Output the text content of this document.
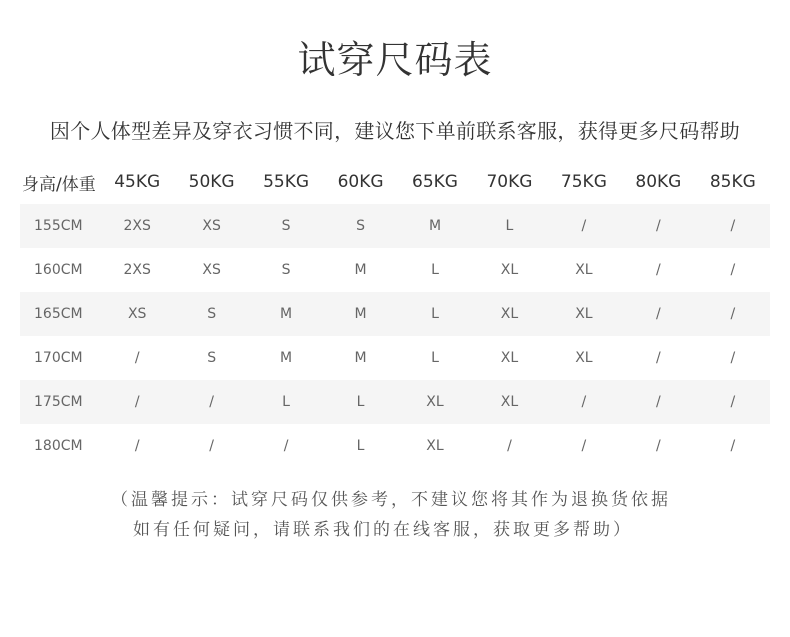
试穿尺码表
因个人体型差异及穿衣习惯不同，建议您下单前联系客服，获得更多尺码帮助
身高/体重	45KG	50KG	55KG	60KG	65KG	70KG	75KG	80KG	85KG
155CM	2XS	XS	S	S	M	L	/	/	/
160CM	2XS	XS	S	M	L	XL	XL	/	/
165CM	XS	S	M	M	L	XL	XL	/	/
170CM	/	S	M	M	L	XL	XL	/	/
175CM	/	/	L	L	XL	XL	/	/	/
180CM	/	/	/	L	XL	/	/	/	/
（温馨提示：试穿尺码仅供参考，不建议您将其作为退换货依据
如有任何疑问，请联系我们的在线客服，获取更多帮助）
